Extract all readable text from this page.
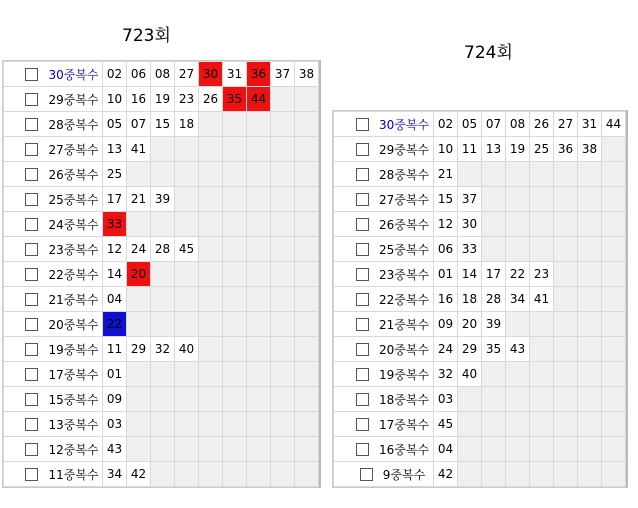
723회
724회
30중복수	02	06	08	27	30	31	36	37	38
29중복수	10	16	19	23	26	35	44		
28중복수	05	07	15	18					
27중복수	13	41							
26중복수	25								
25중복수	17	21	39						
24중복수	33								
23중복수	12	24	28	45					
22중복수	14	20							
21중복수	04								
20중복수	22								
19중복수	11	29	32	40					
17중복수	01								
15중복수	09								
13중복수	03								
12중복수	43								
11중복수	34	42							
30중복수	02	05	07	08	26	27	31	44
29중복수	10	11	13	19	25	36	38	
28중복수	21							
27중복수	15	37						
26중복수	12	30						
25중복수	06	33						
23중복수	01	14	17	22	23			
22중복수	16	18	28	34	41			
21중복수	09	20	39					
20중복수	24	29	35	43				
19중복수	32	40						
18중복수	03							
17중복수	45							
16중복수	04							
9중복수	42							
